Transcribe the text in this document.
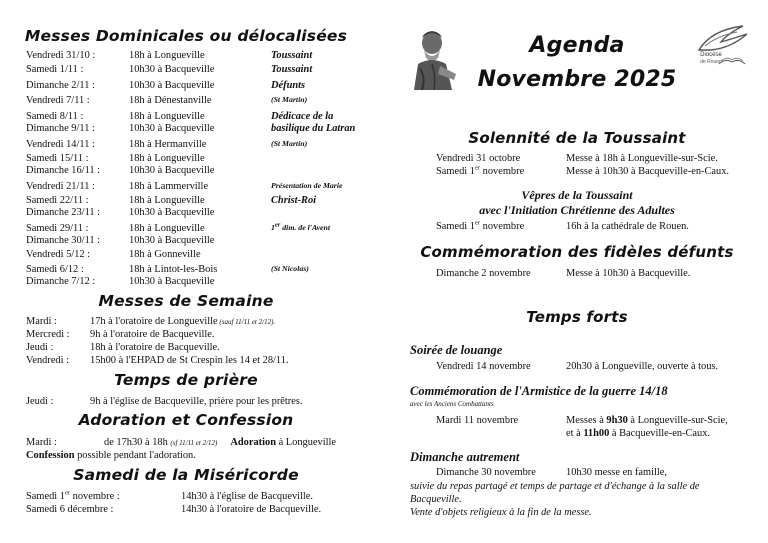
Messes Dominicales ou délocalisées
Vendredi 31/10 :	18h à Longueville	Toussaint
Samedi 1/11 :	10h30 à Bacqueville	Toussaint
Dimanche 2/11 :	10h30 à Bacqueville	Défunts
Vendredi 7/11 :	18h à Dénestanville	(St Martin)
Samedi 8/11 :	18h à Longueville	Dédicace de la
Dimanche 9/11 :	10h30 à Bacqueville	basilique du Latran
Vendredi 14/11 :	18h à Hermanville	(St Martin)
Samedi 15/11 :	18h à Longueville
Dimanche 16/11 :	10h30 à Bacqueville
Vendredi 21/11 :	18h à Lammerville	Présentation de Marie
Samedi 22/11 :	18h à Longueville	Christ-Roi
Dimanche 23/11 :	10h30 à Bacqueville
Samedi 29/11 :	18h à Longueville	1er dim. de l'Avent
Dimanche 30/11 :	10h30 à Bacqueville
Vendredi 5/12 :	18h à Gonneville
Samedi 6/12 :	18h à Lintot-les-Bois	(St Nicolas)
Dimanche 7/12 :	10h30 à Bacqueville
Messes de Semaine
Mardi :	17h à l'oratoire de Longueville (sauf 11/11 et 2/12).
Mercredi : 9h à l'oratoire de Bacqueville.
Jeudi :	18h à l'oratoire de Bacqueville.
Vendredi : 15h00 à l'EHPAD de St Crespin les 14 et 28/11.
Temps de prière
Jeudi :	9h à l'église de Bacqueville, prière pour les prêtres.
Adoration et Confession
Mardi :	de 17h30 à 18h (sf 11/11 et 2/12) Adoration à Longueville
Confession possible pendant l'adoration.
Samedi de la Miséricorde
Samedi 1er novembre :	14h30 à l'église de Bacqueville.
Samedi 6 décembre :	14h30 à l'oratoire de Bacqueville.
Agenda
Novembre 2025
Diocèse
de Rouen
Solennité de la Toussaint
Vendredi 31 octobre	Messe à 18h à Longueville-sur-Scie.
Samedi 1er novembre	Messe à 10h30 à Bacqueville-en-Caux.
Vêpres de la Toussaint
avec l'Initiation Chrétienne des Adultes
Samedi 1er novembre	16h à la cathédrale de Rouen.
Commémoration des fidèles défunts
Dimanche 2 novembre	Messe à 10h30 à Bacqueville.
Temps forts
Soirée de louange
Vendredi 14 novembre	20h30 à Longueville, ouverte à tous.
Commémoration de l'Armistice de la guerre 14/18
avec les Anciens Combattants
Mardi 11 novembre	Messes à 9h30 à Longueville-sur-Scie,
et à 11h00 à Bacqueville-en-Caux.
Dimanche autrement
Dimanche 30 novembre	10h30 messe en famille,
suivie du repas partagé et temps de partage et d'échange à la salle de
Bacqueville.
Vente d'objets religieux à la fin de la messe.
